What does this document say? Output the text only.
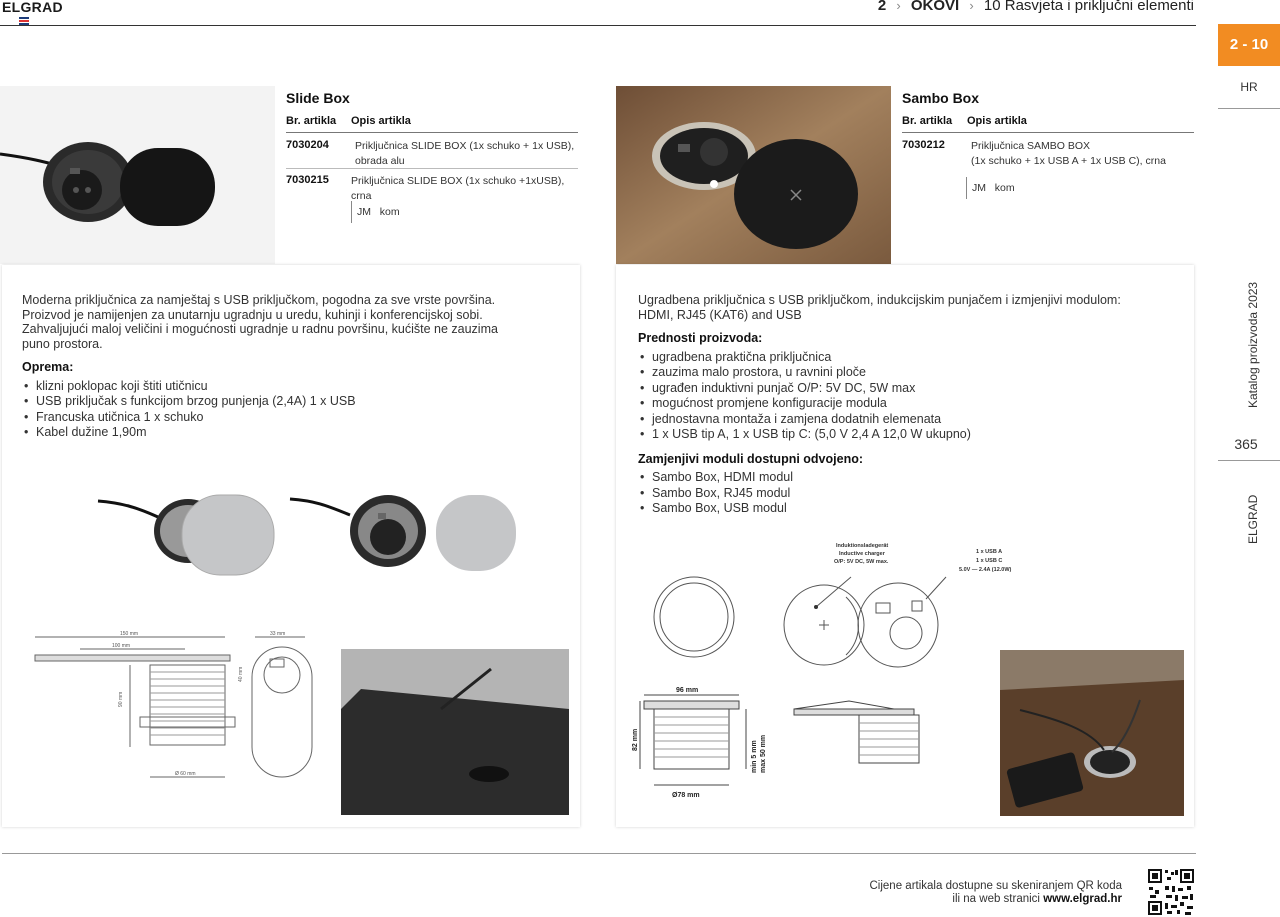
ELGRAD	2 › OKOVI › 10 Rasvjeta i priključni elementi
2 - 10
HR
Katalog proizvoda 2023
365
ELGRAD
Slide Box
Br. artikla Opis artikla
7030204 Priključnica SLIDE BOX (1x schuko + 1x USB),
obrada alu
7030215 Priključnica SLIDE BOX (1x schuko +1xUSB), crna
JM kom
Sambo Box
Br. artikla Opis artikla
7030212 Priključnica SAMBO BOX
(1x schuko + 1x USB A + 1x USB C), crna
JM kom
Moderna priključnica za namještaj s USB priključkom, pogodna za sve vrste površina.
Proizvod je namijenjen za unutarnju ugradnju u uredu, kuhinji i konferencijskoj sobi.
Zahvaljujući maloj veličini i mogućnosti ugradnje u radnu površinu, kućište ne zauzima
puno prostora.
Oprema:
• klizni poklopac koji štiti utičnicu
• USB priključak s funkcijom brzog punjenja (2,4A) 1 x USB
• Francuska utičnica 1 x schuko
• Kabel dužine 1,90m
150 mm
100 mm
33 mm
90 mm
Ø 60 mm
40 mm
Ugradbena priključnica s USB priključkom, indukcijskim punjačem i izmjenjivi modulom:
HDMI, RJ45 (KAT6) and USB
Prednosti proizvoda:
• ugradbena praktična priključnica
• zauzima malo prostora, u ravnini ploče
• ugrađen induktivni punjač O/P: 5V DC, 5W max
• mogućnost promjene konfiguracije modula
• jednostavna montaža i zamjena dodatnih elemenata
• 1 x USB tip A, 1 x USB tip C: (5,0 V 2,4 A 12,0 W ukupno)
Zamjenjivi moduli dostupni odvojeno:
• Sambo Box, HDMI modul
• Sambo Box, RJ45 modul
• Sambo Box, USB modul
Induktionsladegerät
Inductive charger
O/P: 5V DC, 5W max.
1 x USB A
1 x USB C
5.0V — 2.4A (12.0W)
96 mm
82 mm
Ø78 mm
min 5 mm max 50 mm
Cijene artikala dostupne su skeniranjem QR koda
ili na web stranici www.elgrad.hr
